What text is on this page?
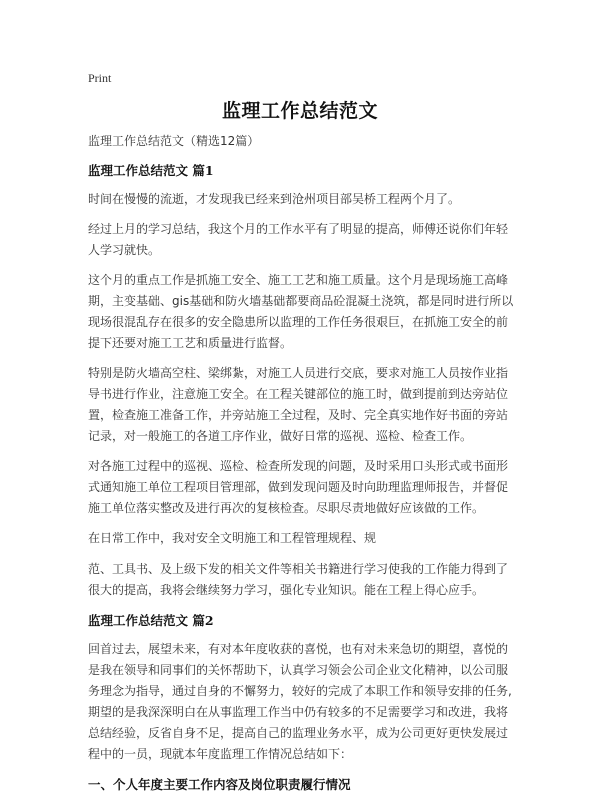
Print
监理工作总结范文

监理工作总结范文（精选12篇）

监理工作总结范文 篇1

时间在慢慢的流逝，才发现我已经来到沧州项目部吴桥工程两个月了。

经过上月的学习总结，我这个月的工作水平有了明显的提高，师傅还说你们年轻人学习就快。

这个月的重点工作是抓施工安全、施工工艺和施工质量。这个月是现场施工高峰期，主变基础、gis基础和防火墙基础都要商品砼混凝土浇筑，都是同时进行所以现场很混乱存在很多的安全隐患所以监理的工作任务很艰巨，在抓施工安全的前提下还要对施工工艺和质量进行监督。

特别是防火墙高空柱、梁绑紮，对施工人员进行交底，要求对施工人员按作业指导书进行作业，注意施工安全。在工程关键部位的施工时，做到提前到达旁站位置，检查施工准备工作，并旁站施工全过程，及时、完全真实地作好书面的旁站记录，对一般施工的各道工序作业，做好日常的巡视、巡检、检查工作。

对各施工过程中的巡视、巡检、检查所发现的问题，及时采用口头形式或书面形式通知施工单位工程项目管理部，做到发现问题及时向助理监理师报告，并督促施工单位落实整改及进行再次的复核检查。尽职尽责地做好应该做的工作。

在日常工作中，我对安全文明施工和工程管理规程、规

范、工具书、及上级下发的相关文件等相关书籍进行学习使我的工作能力得到了很大的提高，我将会继续努力学习，强化专业知识。能在工程上得心应手。

监理工作总结范文 篇2

回首过去，展望未来，有对本年度收获的喜悦，也有对未来急切的期望，喜悦的是我在领导和同事们的关怀帮助下，认真学习领会公司企业文化精神，以公司服务理念为指导，通过自身的不懈努力，较好的完成了本职工作和领导安排的任务,期望的是我深深明白在从事监理工作当中仍有较多的不足需要学习和改进，我将总结经验，反省自身不足，提高自己的监理业务水平，成为公司更好更快发展过程中的一员，现就本年度监理工作情况总结如下：

一、个人年度主要工作内容及岗位职责履行情况
